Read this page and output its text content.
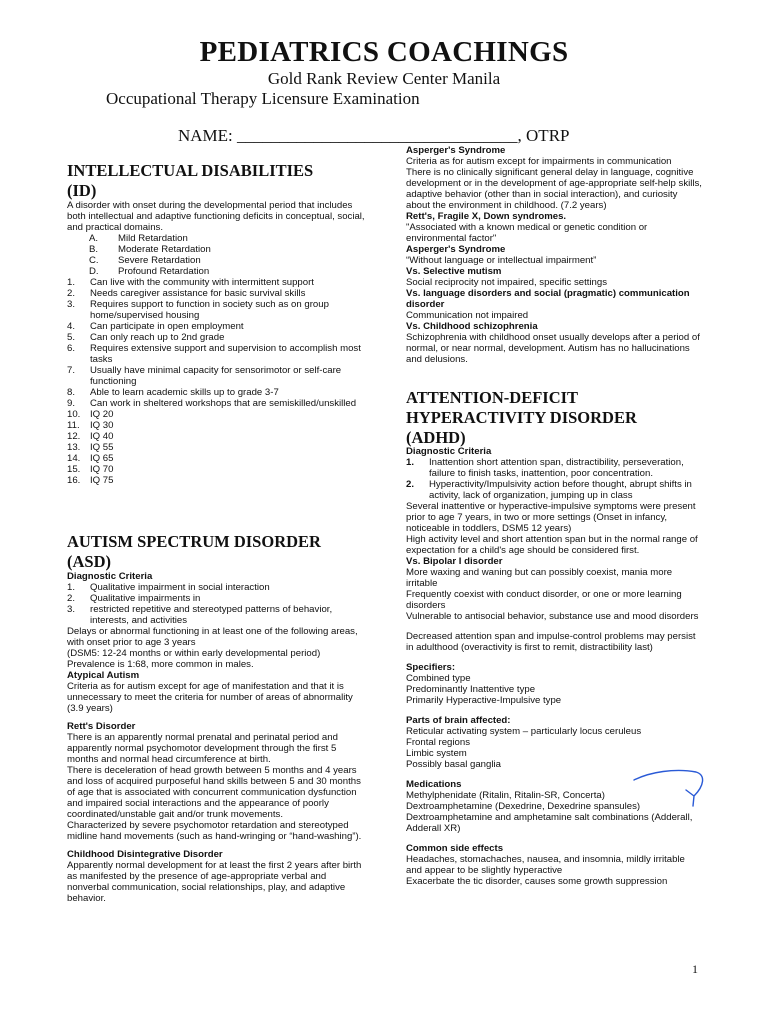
PEDIATRICS COACHINGS
Gold Rank Review Center Manila
Occupational Therapy Licensure Examination
NAME: _________________________________, OTRP
INTELLECTUAL DISABILITIES
(ID)
A disorder with onset during the developmental period that includes both intellectual and adaptive functioning deficits in conceptual, social, and practical domains.
A. Mild Retardation
B. Moderate Retardation
C. Severe Retardation
D. Profound Retardation
1. Can live with the community with intermittent support
2. Needs caregiver assistance for basic survival skills
3. Requires support to function in society such as on group home/supervised housing
4. Can participate in open employment
5. Can only reach up to 2nd grade
6. Requires extensive support and supervision to accomplish most tasks
7. Usually have minimal capacity for sensorimotor or self-care functioning
8. Able to learn academic skills up to grade 3-7
9. Can work in sheltered workshops that are semiskilled/unskilled
10. IQ 20
11. IQ 30
12. IQ 40
13. IQ 55
14. IQ 65
15. IQ 70
16. IQ 75
AUTISM SPECTRUM DISORDER
(ASD)
Diagnostic Criteria
1. Qualitative impairment in social interaction
2. Qualitative impairments in
3. restricted repetitive and stereotyped patterns of behavior, interests, and activities
Delays or abnormal functioning in at least one of the following areas, with onset prior to age 3 years
(DSM5: 12-24 months or within early developmental period)
Prevalence is 1:68, more common in males.
Atypical Autism
Criteria as for autism except for age of manifestation and that it is unnecessary to meet the criteria for number of areas of abnormality (3.9 years)
Rett's Disorder
There is an apparently normal prenatal and perinatal period and apparently normal psychomotor development through the first 5 months and normal head circumference at birth.
There is deceleration of head growth between 5 months and 4 years and loss of acquired purposeful hand skills between 5 and 30 months of age that is associated with concurrent communication dysfunction and impaired social interactions and the appearance of poorly coordinated/unstable gait and/or trunk movements.
Characterized by severe psychomotor retardation and stereotyped midline hand movements (such as hand-wringing or “hand-washing”).
Childhood Disintegrative Disorder
Apparently normal development for at least the first 2 years after birth as manifested by the presence of age-appropriate verbal and nonverbal communication, social relationships, play, and adaptive behavior.
Asperger's Syndrome
Criteria as for autism except for impairments in communication
There is no clinically significant general delay in language, cognitive development or in the development of age-appropriate self-help skills, adaptive behavior (other than in social interaction), and curiosity about the environment in childhood. (7.2 years)
Rett's, Fragile X, Down syndromes.
"Associated with a known medical or genetic condition or environmental factor"
Asperger's Syndrome
“Without language or intellectual impairment”
Vs. Selective mutism
Social reciprocity not impaired, specific settings
Vs. language disorders and social (pragmatic) communication disorder
Communication not impaired
Vs. Childhood schizophrenia
Schizophrenia with childhood onset usually develops after a period of normal, or near normal, development. Autism has no hallucinations and delusions.
ATTENTION-DEFICIT
HYPERACTIVITY DISORDER
(ADHD)
Diagnostic Criteria
1. Inattention short attention span, distractibility, perseveration, failure to finish tasks, inattention, poor concentration.
2. Hyperactivity/Impulsivity action before thought, abrupt shifts in activity, lack of organization, jumping up in class
Several inattentive or hyperactive-impulsive symptoms were present prior to age 7 years, in two or more settings (Onset in infancy, noticeable in toddlers, DSM5 12 years)
High activity level and short attention span but in the normal range of expectation for a child's age should be considered first.
Vs. Bipolar I disorder
More waxing and waning but can possibly coexist, mania more irritable
Frequently coexist with conduct disorder, or one or more learning disorders
Vulnerable to antisocial behavior, substance use and mood disorders
Decreased attention span and impulse-control problems may persist in adulthood (overactivity is first to remit, distractibility last)
Specifiers:
Combined type
Predominantly Inattentive type
Primarily Hyperactive-Impulsive type
Parts of brain affected:
Reticular activating system – particularly locus ceruleus
Frontal regions
Limbic system
Possibly basal ganglia
Medications
Methylphenidate (Ritalin, Ritalin-SR, Concerta)
Dextroamphetamine (Dexedrine, Dexedrine spansules)
Dextroamphetamine and amphetamine salt combinations (Adderall, Adderall XR)
Common side effects
Headaches, stomachaches, nausea, and insomnia, mildly irritable and appear to be slightly hyperactive
Exacerbate the tic disorder, causes some growth suppression
1
